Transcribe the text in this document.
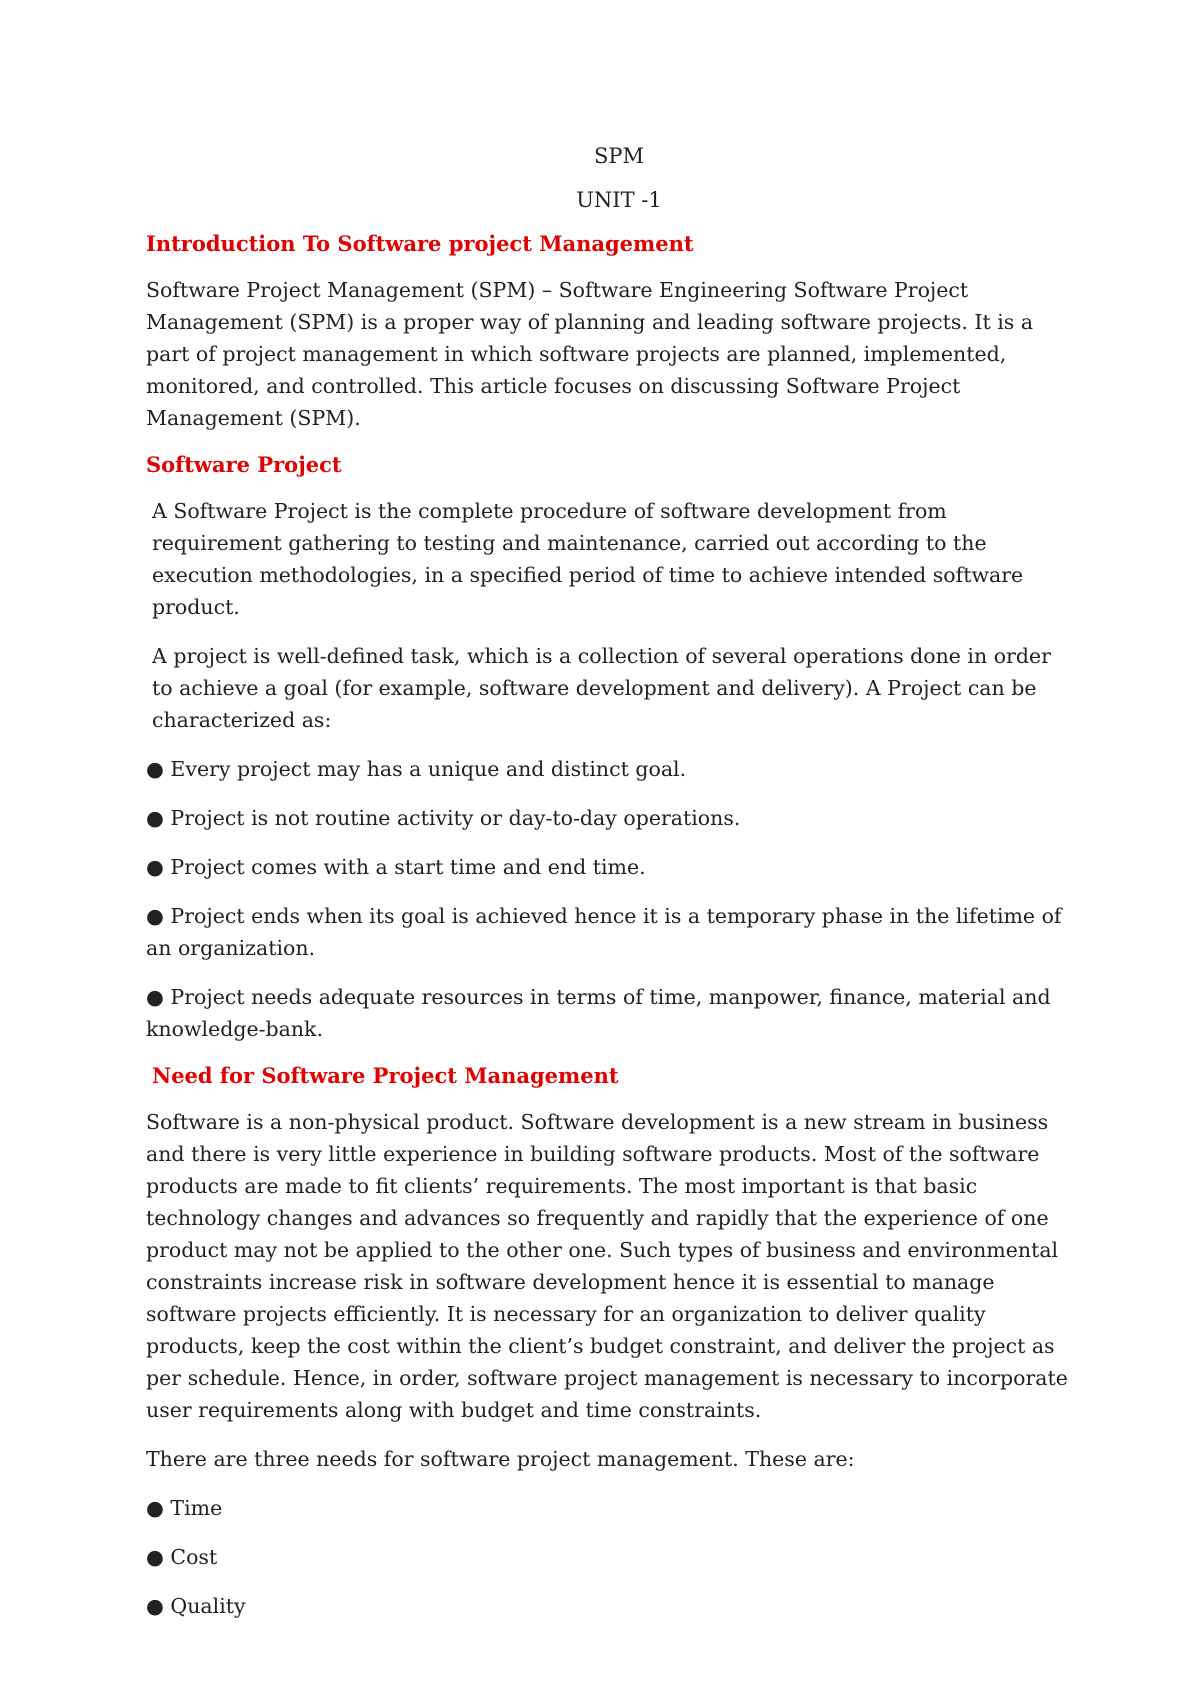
SPM
UNIT -1
Introduction To Software project Management

Software Project Management (SPM) – Software Engineering Software Project Management (SPM) is a proper way of planning and leading software projects. It is a part of project management in which software projects are planned, implemented, monitored, and controlled. This article focuses on discussing Software Project Management (SPM).

Software Project

A Software Project is the complete procedure of software development from requirement gathering to testing and maintenance, carried out according to the execution methodologies, in a specified period of time to achieve intended software product.

A project is well-defined task, which is a collection of several operations done in order to achieve a goal (for example, software development and delivery). A Project can be characterized as:

● Every project may has a unique and distinct goal.
● Project is not routine activity or day-to-day operations.
● Project comes with a start time and end time.
● Project ends when its goal is achieved hence it is a temporary phase in the lifetime of an organization.
● Project needs adequate resources in terms of time, manpower, finance, material and knowledge-bank.
Need for Software Project Management

Software is a non-physical product. Software development is a new stream in business and there is very little experience in building software products. Most of the software products are made to fit clients’ requirements. The most important is that basic technology changes and advances so frequently and rapidly that the experience of one product may not be applied to the other one. Such types of business and environmental constraints increase risk in software development hence it is essential to manage software projects efficiently. It is necessary for an organization to deliver quality products, keep the cost within the client’s budget constraint, and deliver the project as per schedule. Hence, in order, software project management is necessary to incorporate user requirements along with budget and time constraints.

There are three needs for software project management. These are:

● Time
● Cost
● Quality
